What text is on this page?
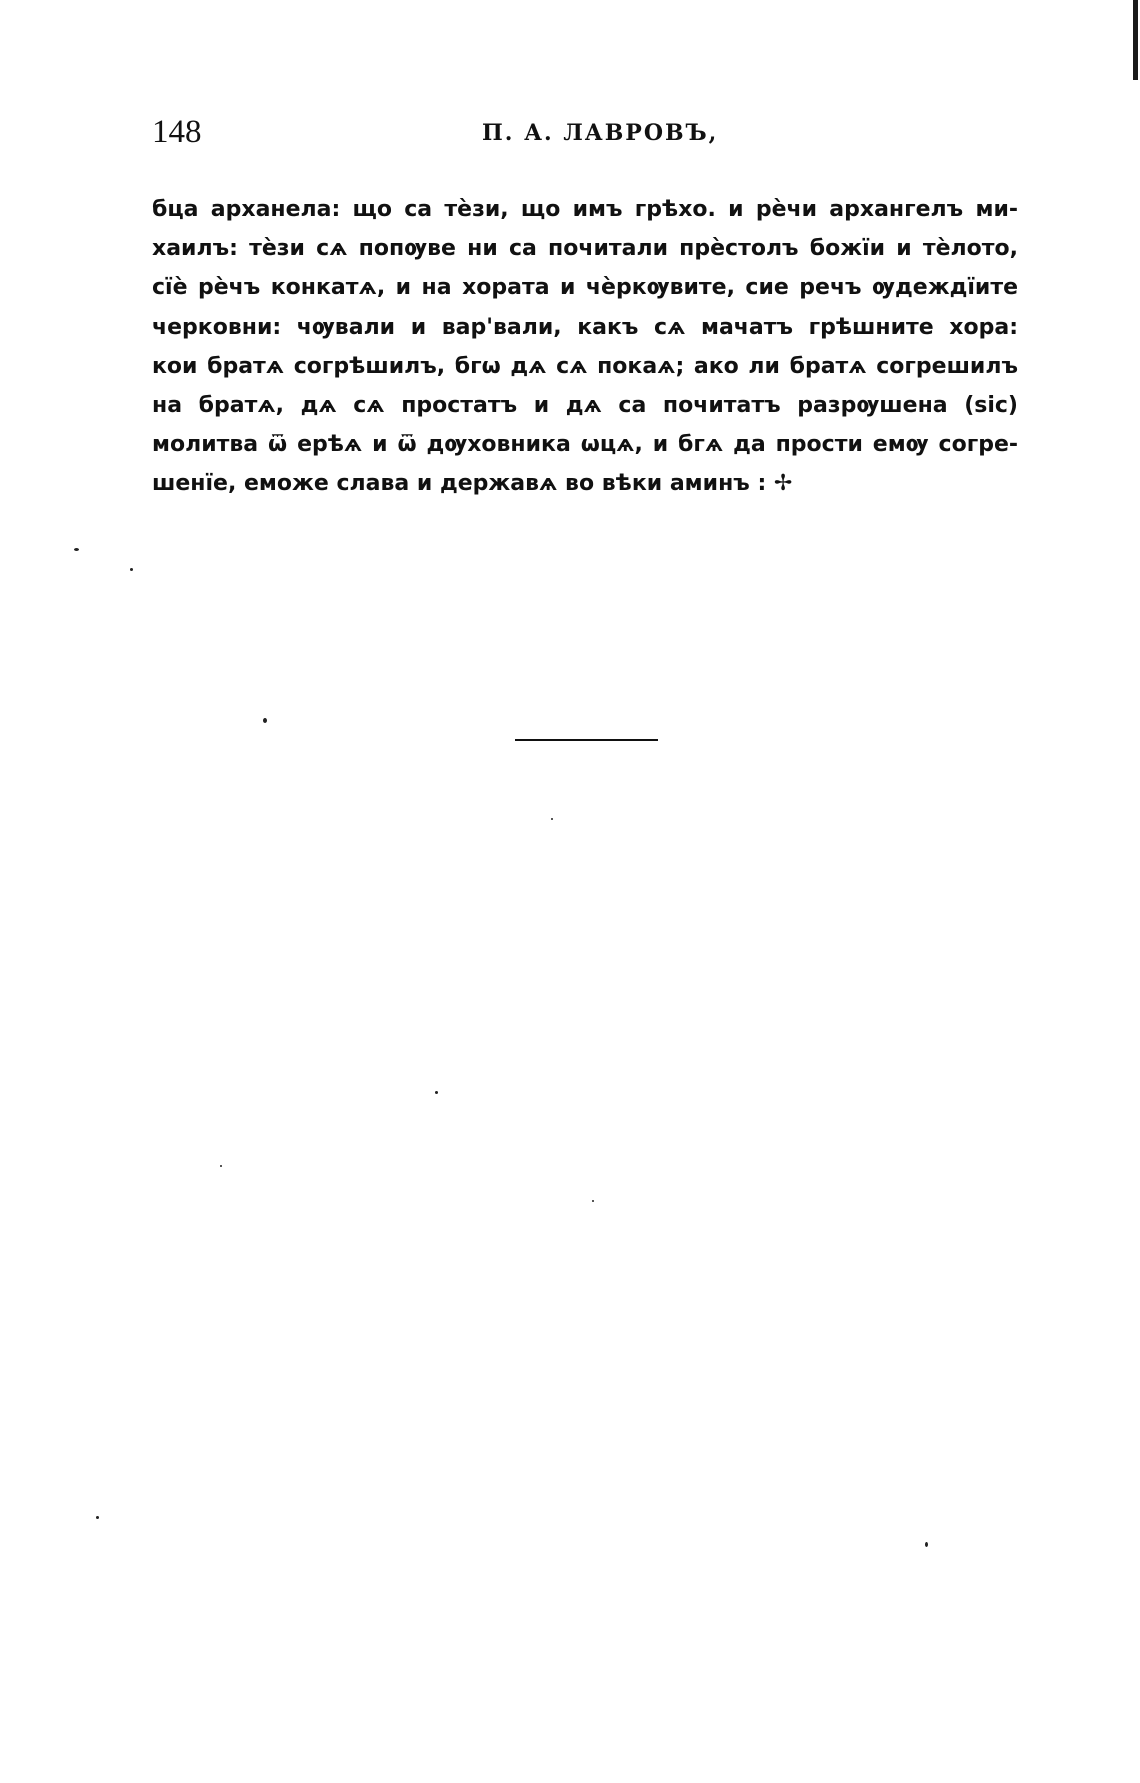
148	П. А. ЛАВРОВЪ,
бцa арханела: що са тѐзи, що имъ грѣхо. и рѐчи архангелъ ми-
хаилъ: тѐзи сѧ попѹве ни са почитали прѐстолъ божїи и тѐлото,
сїѐ рѐчъ конкатѧ, и на хората и чѐркѹвите, сие речъ ѹдеждїите
черковни: чѹвали и вар'вали, какъ сѧ мачатъ грѣшните хора:
кои братѧ согрѣшилъ, бгѡ дѧ сѧ покаѧ; ако ли братѧ согрешилъ
на братѧ, дѧ сѧ простатъ и дѧ са почитатъ разрѹшена (sic)
молитва ѿ ерѣѧ и ѿ дѹховника ѡцѧ, и бгѧ да прости емѹ согре-
шенїе, еможе слава и державѧ во вѣки аминъ : ✢
